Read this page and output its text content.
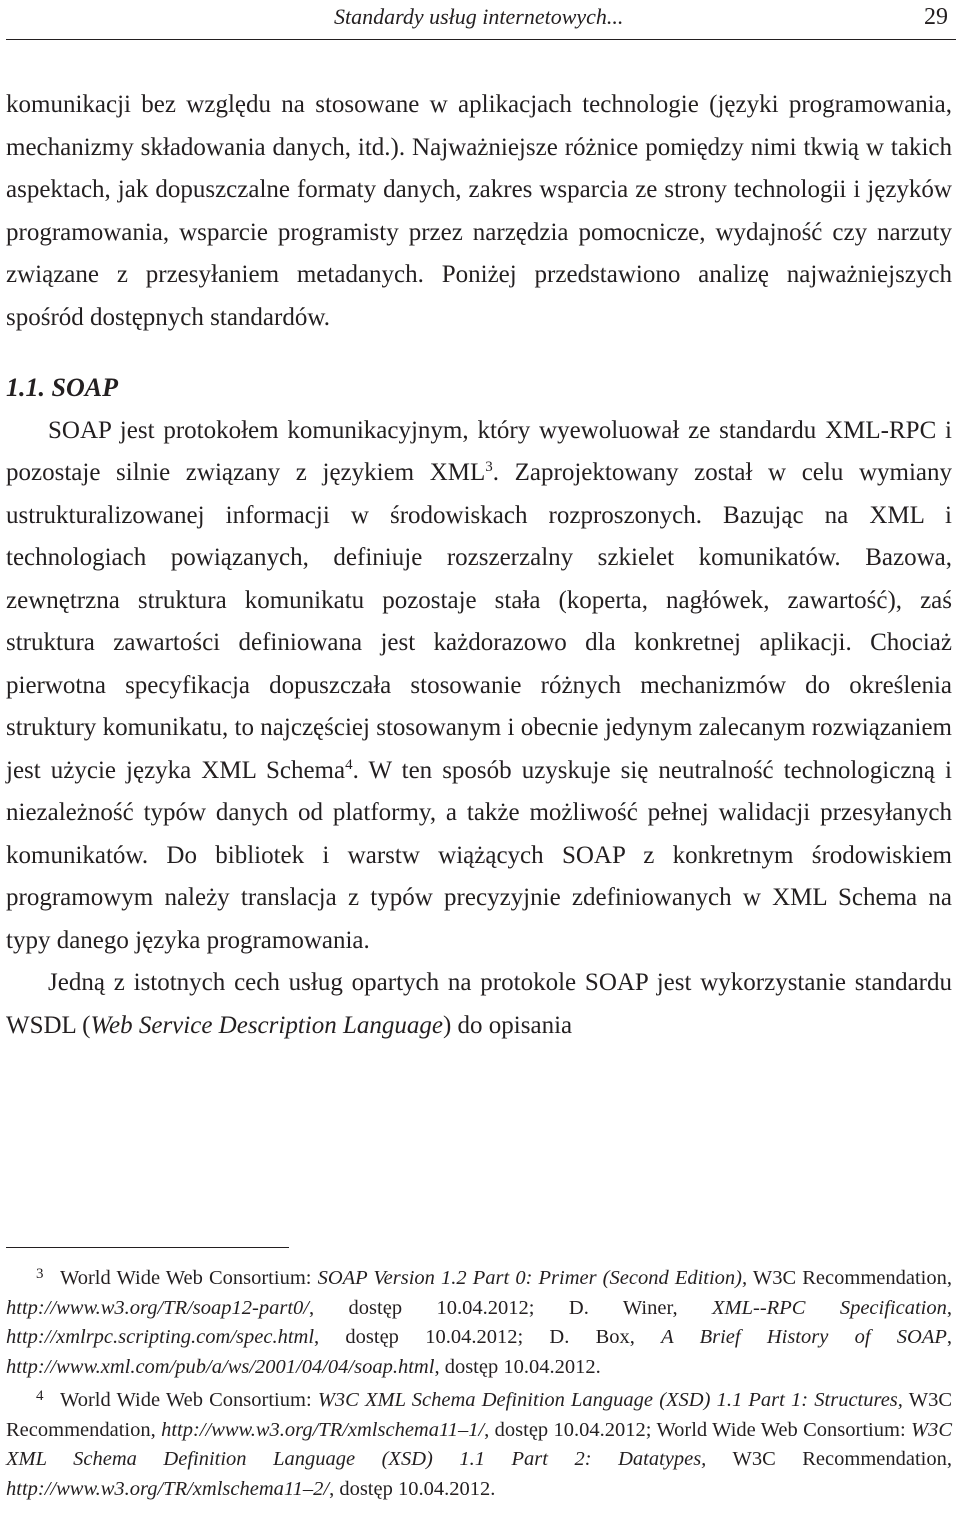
Standardy usług internetowych...	29

komunikacji bez względu na stosowane w aplikacjach technologie (języki programowania, mechanizmy składowania danych, itd.). Najważniejsze różnice pomiędzy nimi tkwią w takich aspektach, jak dopuszczalne formaty danych, zakres wsparcia ze strony technologii i języków programowania, wsparcie programisty przez narzędzia pomocnicze, wydajność czy narzuty związane z przesyłaniem metadanych. Poniżej przedstawiono analizę najważniejszych spośród dostępnych standardów.

1.1. SOAP

SOAP jest protokołem komunikacyjnym, który wyewoluował ze standardu XML-RPC i pozostaje silnie związany z językiem XML$^3$. Zaprojektowany został w celu wymiany ustrukturalizowanej informacji w środowiskach rozproszonych. Bazując na XML i technologiach powiązanych, definiuje rozszerzalny szkielet komunikatów. Bazowa, zewnętrzna struktura komunikatu pozostaje stała (koperta, nagłówek, zawartość), zaś struktura zawartości definiowana jest każdorazowo dla konkretnej aplikacji. Chociaż pierwotna specyfikacja dopuszczała stosowanie różnych mechanizmów do określenia struktury komunikatu, to najczęściej stosowanym i obecnie jedynym zalecanym rozwiązaniem jest użycie języka XML Schema$^4$. W ten sposób uzyskuje się neutralność technologiczną i niezależność typów danych od platformy, a także możliwość pełnej walidacji przesyłanych komunikatów. Do bibliotek i warstw wiążących SOAP z konkretnym środowiskiem programowym należy translacja z typów precyzyjnie zdefiniowanych w XML Schema na typy danego języka programowania.

Jedną z istotnych cech usług opartych na protokole SOAP jest wykorzystanie standardu WSDL (Web Service Description Language) do opisania

3 World Wide Web Consortium: SOAP Version 1.2 Part 0: Primer (Second Edition), W3C Recommendation, http://www.w3.org/TR/soap12-part0/, dostęp 10.04.2012; D. Winer, XML--RPC Specification, http://xmlrpc.scripting.com/spec.html, dostęp 10.04.2012; D. Box, A Brief History of SOAP, http://www.xml.com/pub/a/ws/2001/04/04/soap.html, dostęp 10.04.2012.

4 World Wide Web Consortium: W3C XML Schema Definition Language (XSD) 1.1 Part 1: Structures, W3C Recommendation, http://www.w3.org/TR/xmlschema11–1/, dostęp 10.04.2012; World Wide Web Consortium: W3C XML Schema Definition Language (XSD) 1.1 Part 2: Datatypes, W3C Recommendation, http://www.w3.org/TR/xmlschema11–2/, dostęp 10.04.2012.
